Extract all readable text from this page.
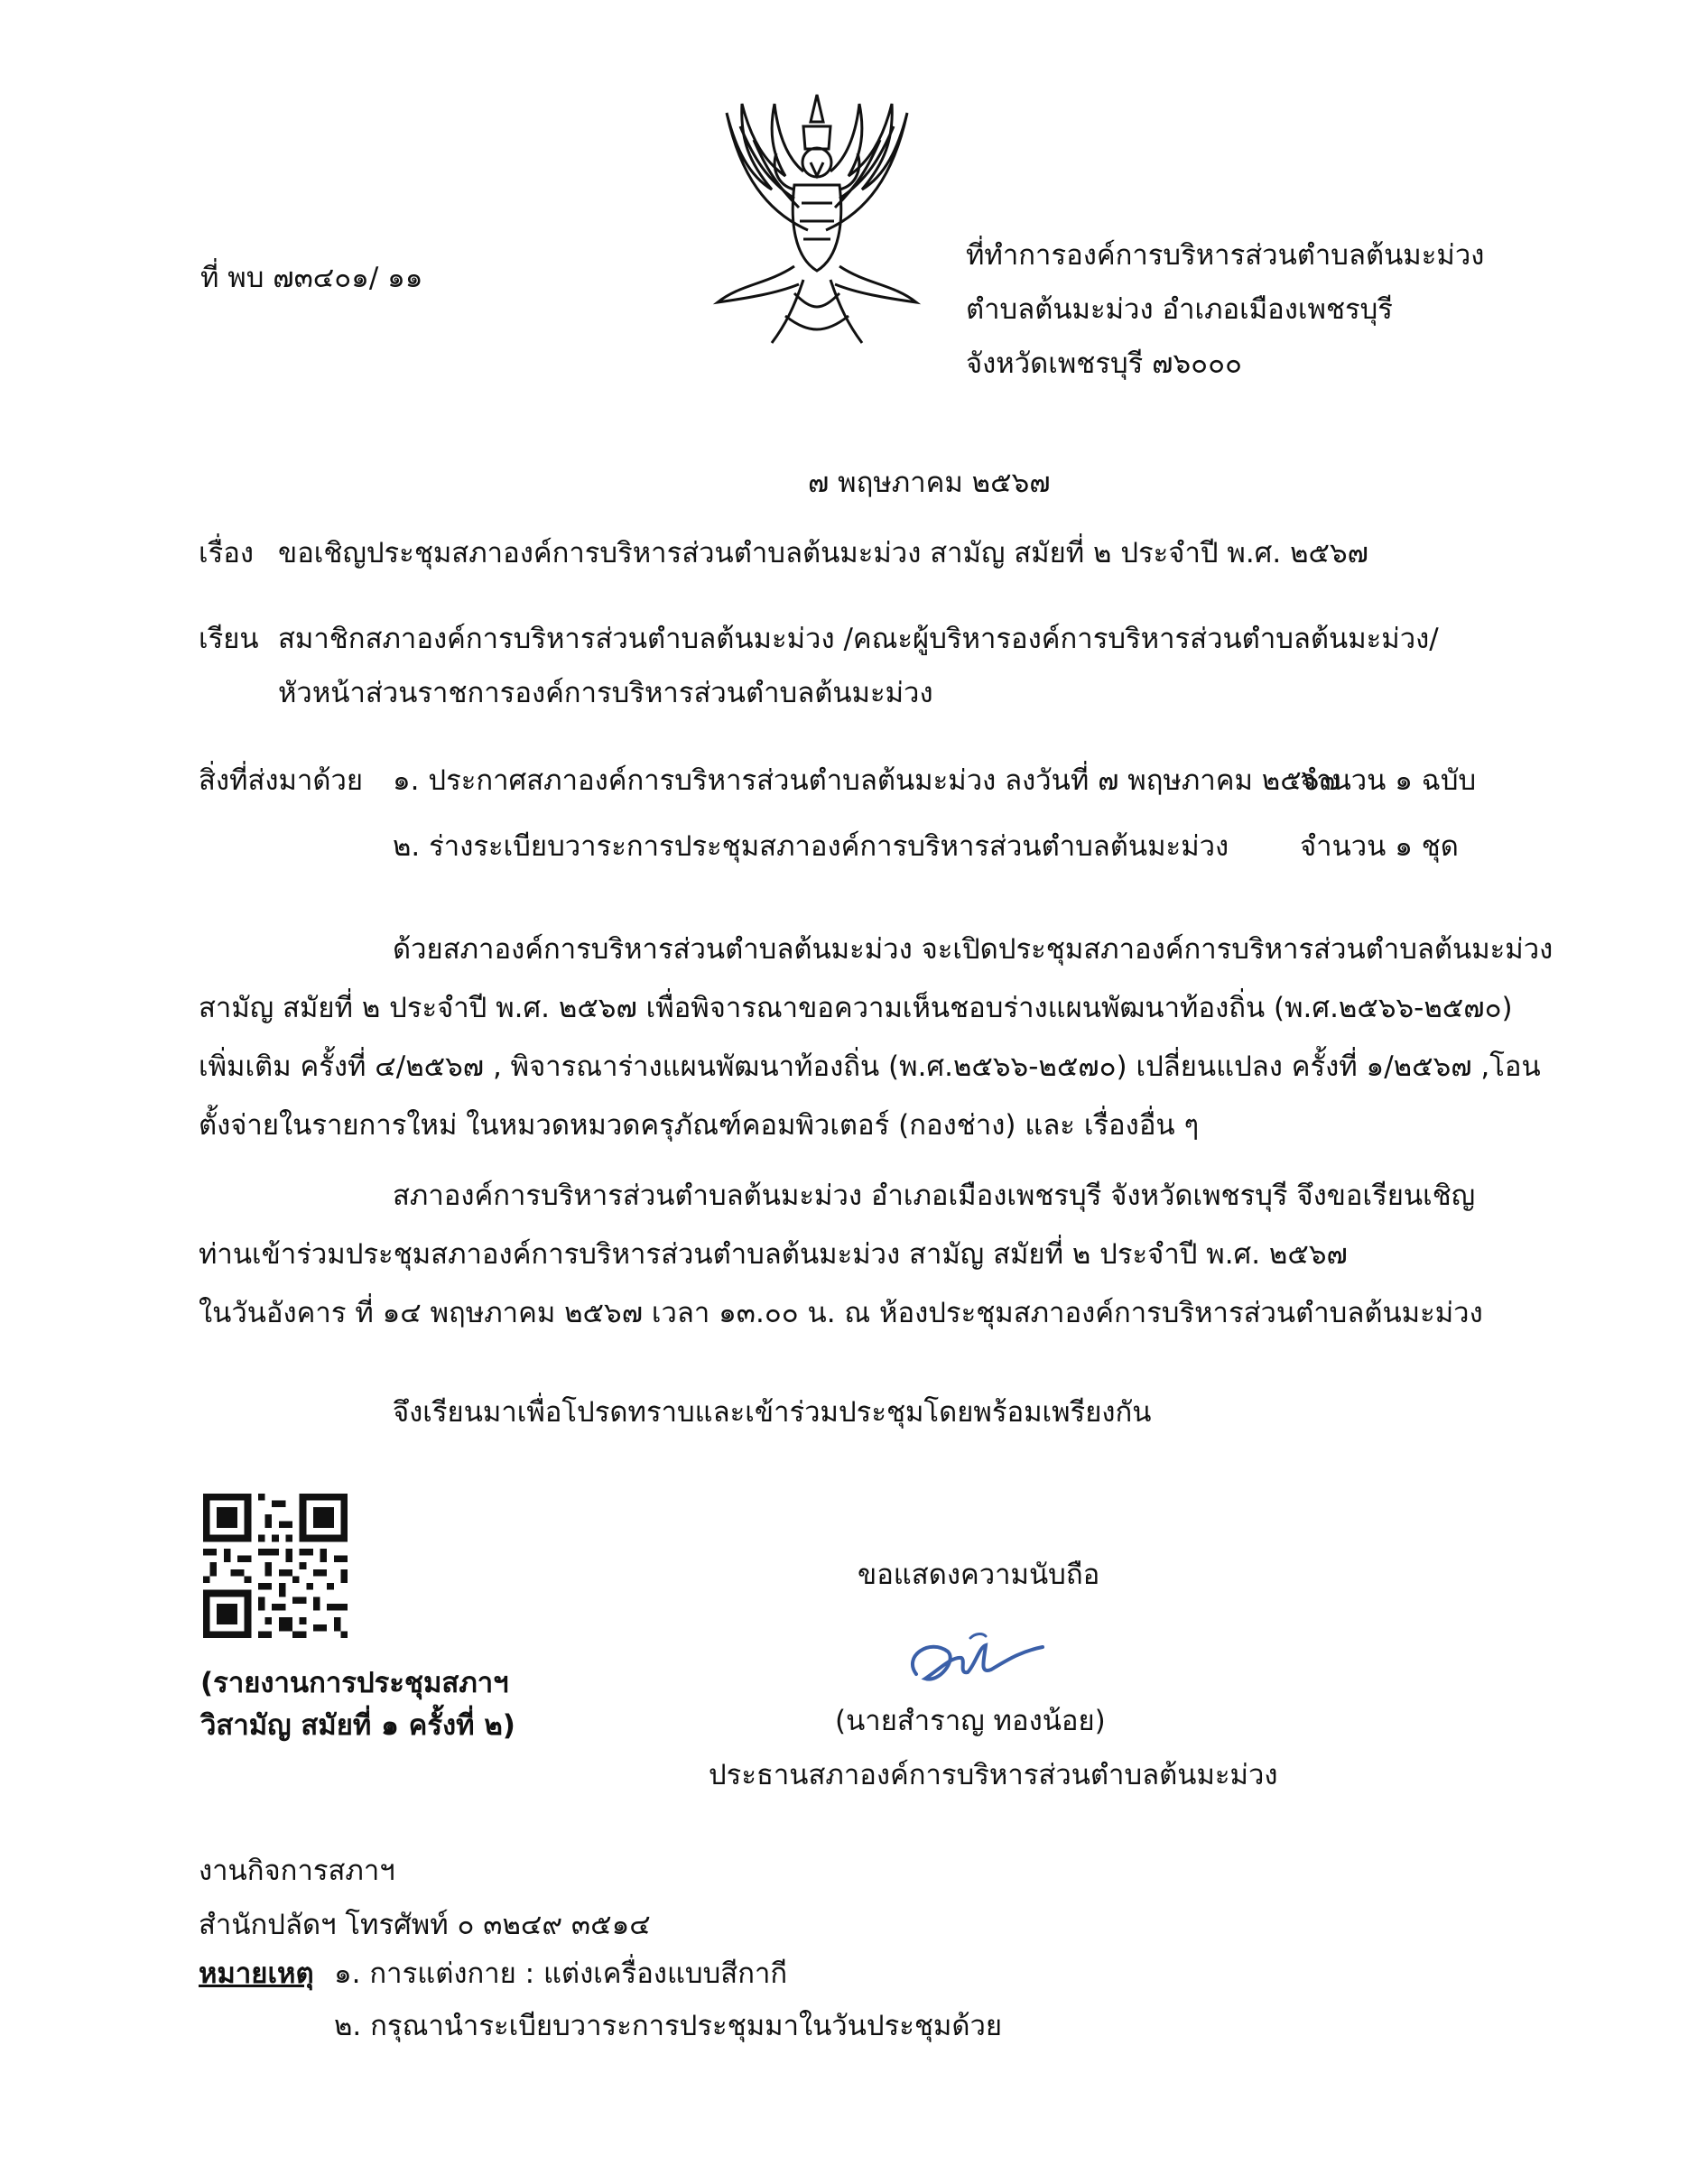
ที่ พบ ๗๓๔๐๑/ ๑๑
ที่ทำการองค์การบริหารส่วนตำบลต้นมะม่วง
ตำบลต้นมะม่วง อำเภอเมืองเพชรบุรี
จังหวัดเพชรบุรี ๗๖๐๐๐
๗ พฤษภาคม ๒๕๖๗
เรื่อง ขอเชิญประชุมสภาองค์การบริหารส่วนตำบลต้นมะม่วง สามัญ สมัยที่ ๒ ประจำปี พ.ศ. ๒๕๖๗
เรียน สมาชิกสภาองค์การบริหารส่วนตำบลต้นมะม่วง /คณะผู้บริหารองค์การบริหารส่วนตำบลต้นมะม่วง/
หัวหน้าส่วนราชการองค์การบริหารส่วนตำบลต้นมะม่วง
สิ่งที่ส่งมาด้วย ๑. ประกาศสภาองค์การบริหารส่วนตำบลต้นมะม่วง ลงวันที่ ๗ พฤษภาคม ๒๕๖๗
จำนวน ๑ ฉบับ
๒. ร่างระเบียบวาระการประชุมสภาองค์การบริหารส่วนตำบลต้นมะม่วง	จำนวน ๑ ชุด
ด้วยสภาองค์การบริหารส่วนตำบลต้นมะม่วง จะเปิดประชุมสภาองค์การบริหารส่วนตำบลต้นมะม่วง
สามัญ สมัยที่ ๒ ประจำปี พ.ศ. ๒๕๖๗ เพื่อพิจารณาขอความเห็นชอบร่างแผนพัฒนาท้องถิ่น (พ.ศ.๒๕๖๖-๒๕๗๐)
เพิ่มเติม ครั้งที่ ๔/๒๕๖๗ , พิจารณาร่างแผนพัฒนาท้องถิ่น (พ.ศ.๒๕๖๖-๒๕๗๐) เปลี่ยนแปลง ครั้งที่ ๑/๒๕๖๗ ,โอน
ตั้งจ่ายในรายการใหม่ ในหมวดหมวดครุภัณฑ์คอมพิวเตอร์ (กองช่าง) และ เรื่องอื่น ๆ
สภาองค์การบริหารส่วนตำบลต้นมะม่วง อำเภอเมืองเพชรบุรี จังหวัดเพชรบุรี จึงขอเรียนเชิญ
ท่านเข้าร่วมประชุมสภาองค์การบริหารส่วนตำบลต้นมะม่วง สามัญ สมัยที่ ๒ ประจำปี พ.ศ. ๒๕๖๗
ในวันอังคาร ที่ ๑๔ พฤษภาคม ๒๕๖๗ เวลา ๑๓.๐๐ น. ณ ห้องประชุมสภาองค์การบริหารส่วนตำบลต้นมะม่วง
จึงเรียนมาเพื่อโปรดทราบและเข้าร่วมประชุมโดยพร้อมเพรียงกัน
(รายงานการประชุมสภาฯ
วิสามัญ สมัยที่ ๑ ครั้งที่ ๒)
ขอแสดงความนับถือ
(นายสำราญ ทองน้อย)
ประธานสภาองค์การบริหารส่วนตำบลต้นมะม่วง
งานกิจการสภาฯ
สำนักปลัดฯ โทรศัพท์ ๐ ๓๒๔๙ ๓๕๑๔
หมายเหตุ ๑. การแต่งกาย : แต่งเครื่องแบบสีกากี
๒. กรุณานำระเบียบวาระการประชุมมาในวันประชุมด้วย
